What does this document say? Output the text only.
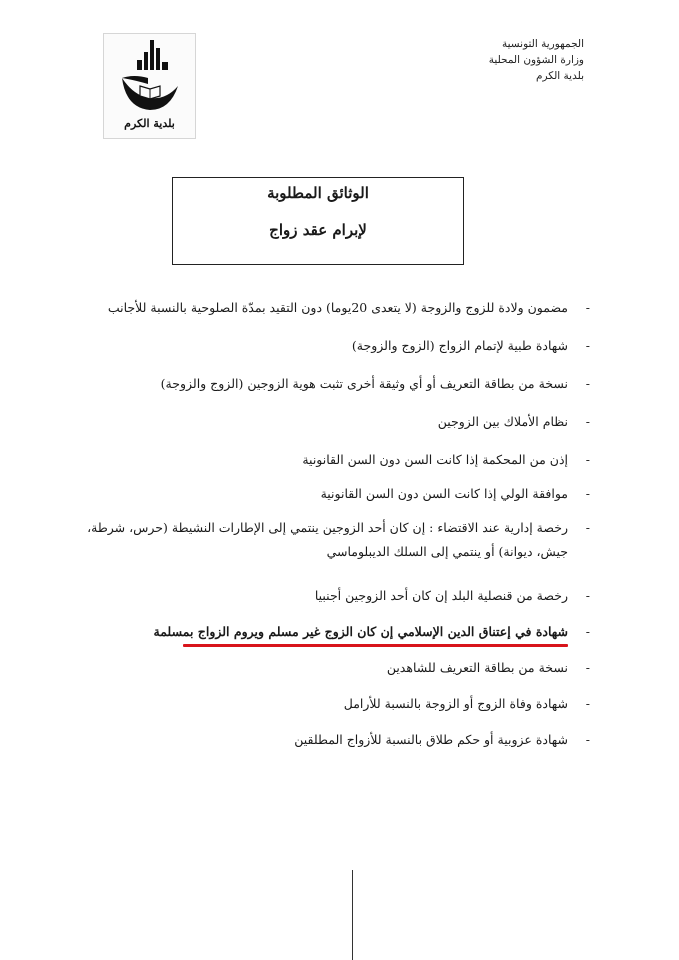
بلدية الكرم
الجمهورية التونسية
وزارة الشؤون المحلية
بلدية الكرم
الوثائق المطلوبة
لإبرام عقد زواج
-
مضمون ولادة للزوج والزوجة (لا يتعدى 20يوما) دون التقيد بمدّة الصلوحية بالنسبة للأجانب
-
شهادة طبية لإتمام الزواج (الزوج والزوجة)
-
نسخة من بطاقة التعريف أو أي وثيقة أخرى تثبت هوية الزوجين (الزوج والزوجة)
-
نظام الأملاك بين الزوجين
-
إذن من المحكمة إذا كانت السن دون السن القانونية
-
موافقة الولي إذا كانت السن دون السن القانونية
-
رخصة إدارية عند الاقتضاء : إن كان أحد الزوجين ينتمي إلى الإطارات النشيطة (حرس، شرطة، جيش، ديوانة) أو ينتمي إلى السلك الديبلوماسي
-
رخصة من قنصلية البلد إن كان أحد الزوجين أجنبيا
-
شهادة في إعتناق الدين الإسلامي إن كان الزوج غير مسلم ويروم الزواج بمسلمة
-
نسخة من بطاقة التعريف للشاهدين
-
شهادة وفاة الزوج أو الزوجة بالنسبة للأرامل
-
شهادة عزوبية أو حكم طلاق بالنسبة للأزواج المطلقين
